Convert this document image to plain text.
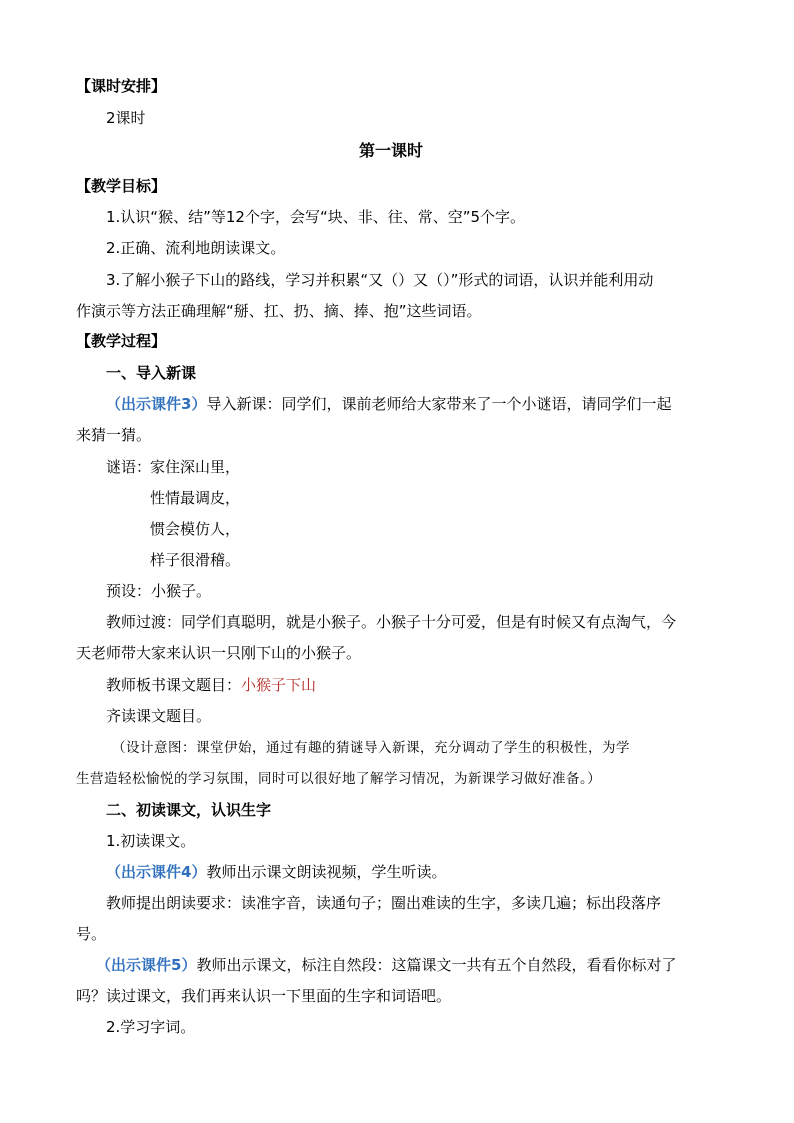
【课时安排】
2课时
第一课时
【教学目标】
1.认识“猴、结”等12个字，会写“块、非、往、常、空”5个字。
2.正确、流利地朗读课文。
3.了解小猴子下山的路线，学习并积累“又（）又（）”形式的词语，认识并能利用动
作演示等方法正确理解“掰、扛、扔、摘、捧、抱”这些词语。
【教学过程】
一、导入新课
（出示课件3）导入新课：同学们，课前老师给大家带来了一个小谜语，请同学们一起
来猜一猜。
谜语：
家住深山里，
性情最调皮，
惯会模仿人，
样子很滑稽。
预设：小猴子。
教师过渡：同学们真聪明，就是小猴子。小猴子十分可爱，但是有时候又有点淘气，今
天老师带大家来认识一只刚下山的小猴子。
教师板书课文题目：小猴子下山
齐读课文题目。
（设计意图：课堂伊始，通过有趣的猜谜导入新课，充分调动了学生的积极性，为学
生营造轻松愉悦的学习氛围，同时可以很好地了解学习情况，为新课学习做好准备。）
二、初读课文，认识生字
1.初读课文。
（出示课件4）教师出示课文朗读视频，学生听读。
教师提出朗读要求：读准字音，读通句子；圈出难读的生字，多读几遍；标出段落序
号。
（出示课件5）教师出示课文，标注自然段：这篇课文一共有五个自然段，看看你标对了
吗？读过课文，我们再来认识一下里面的生字和词语吧。
2.学习字词。
